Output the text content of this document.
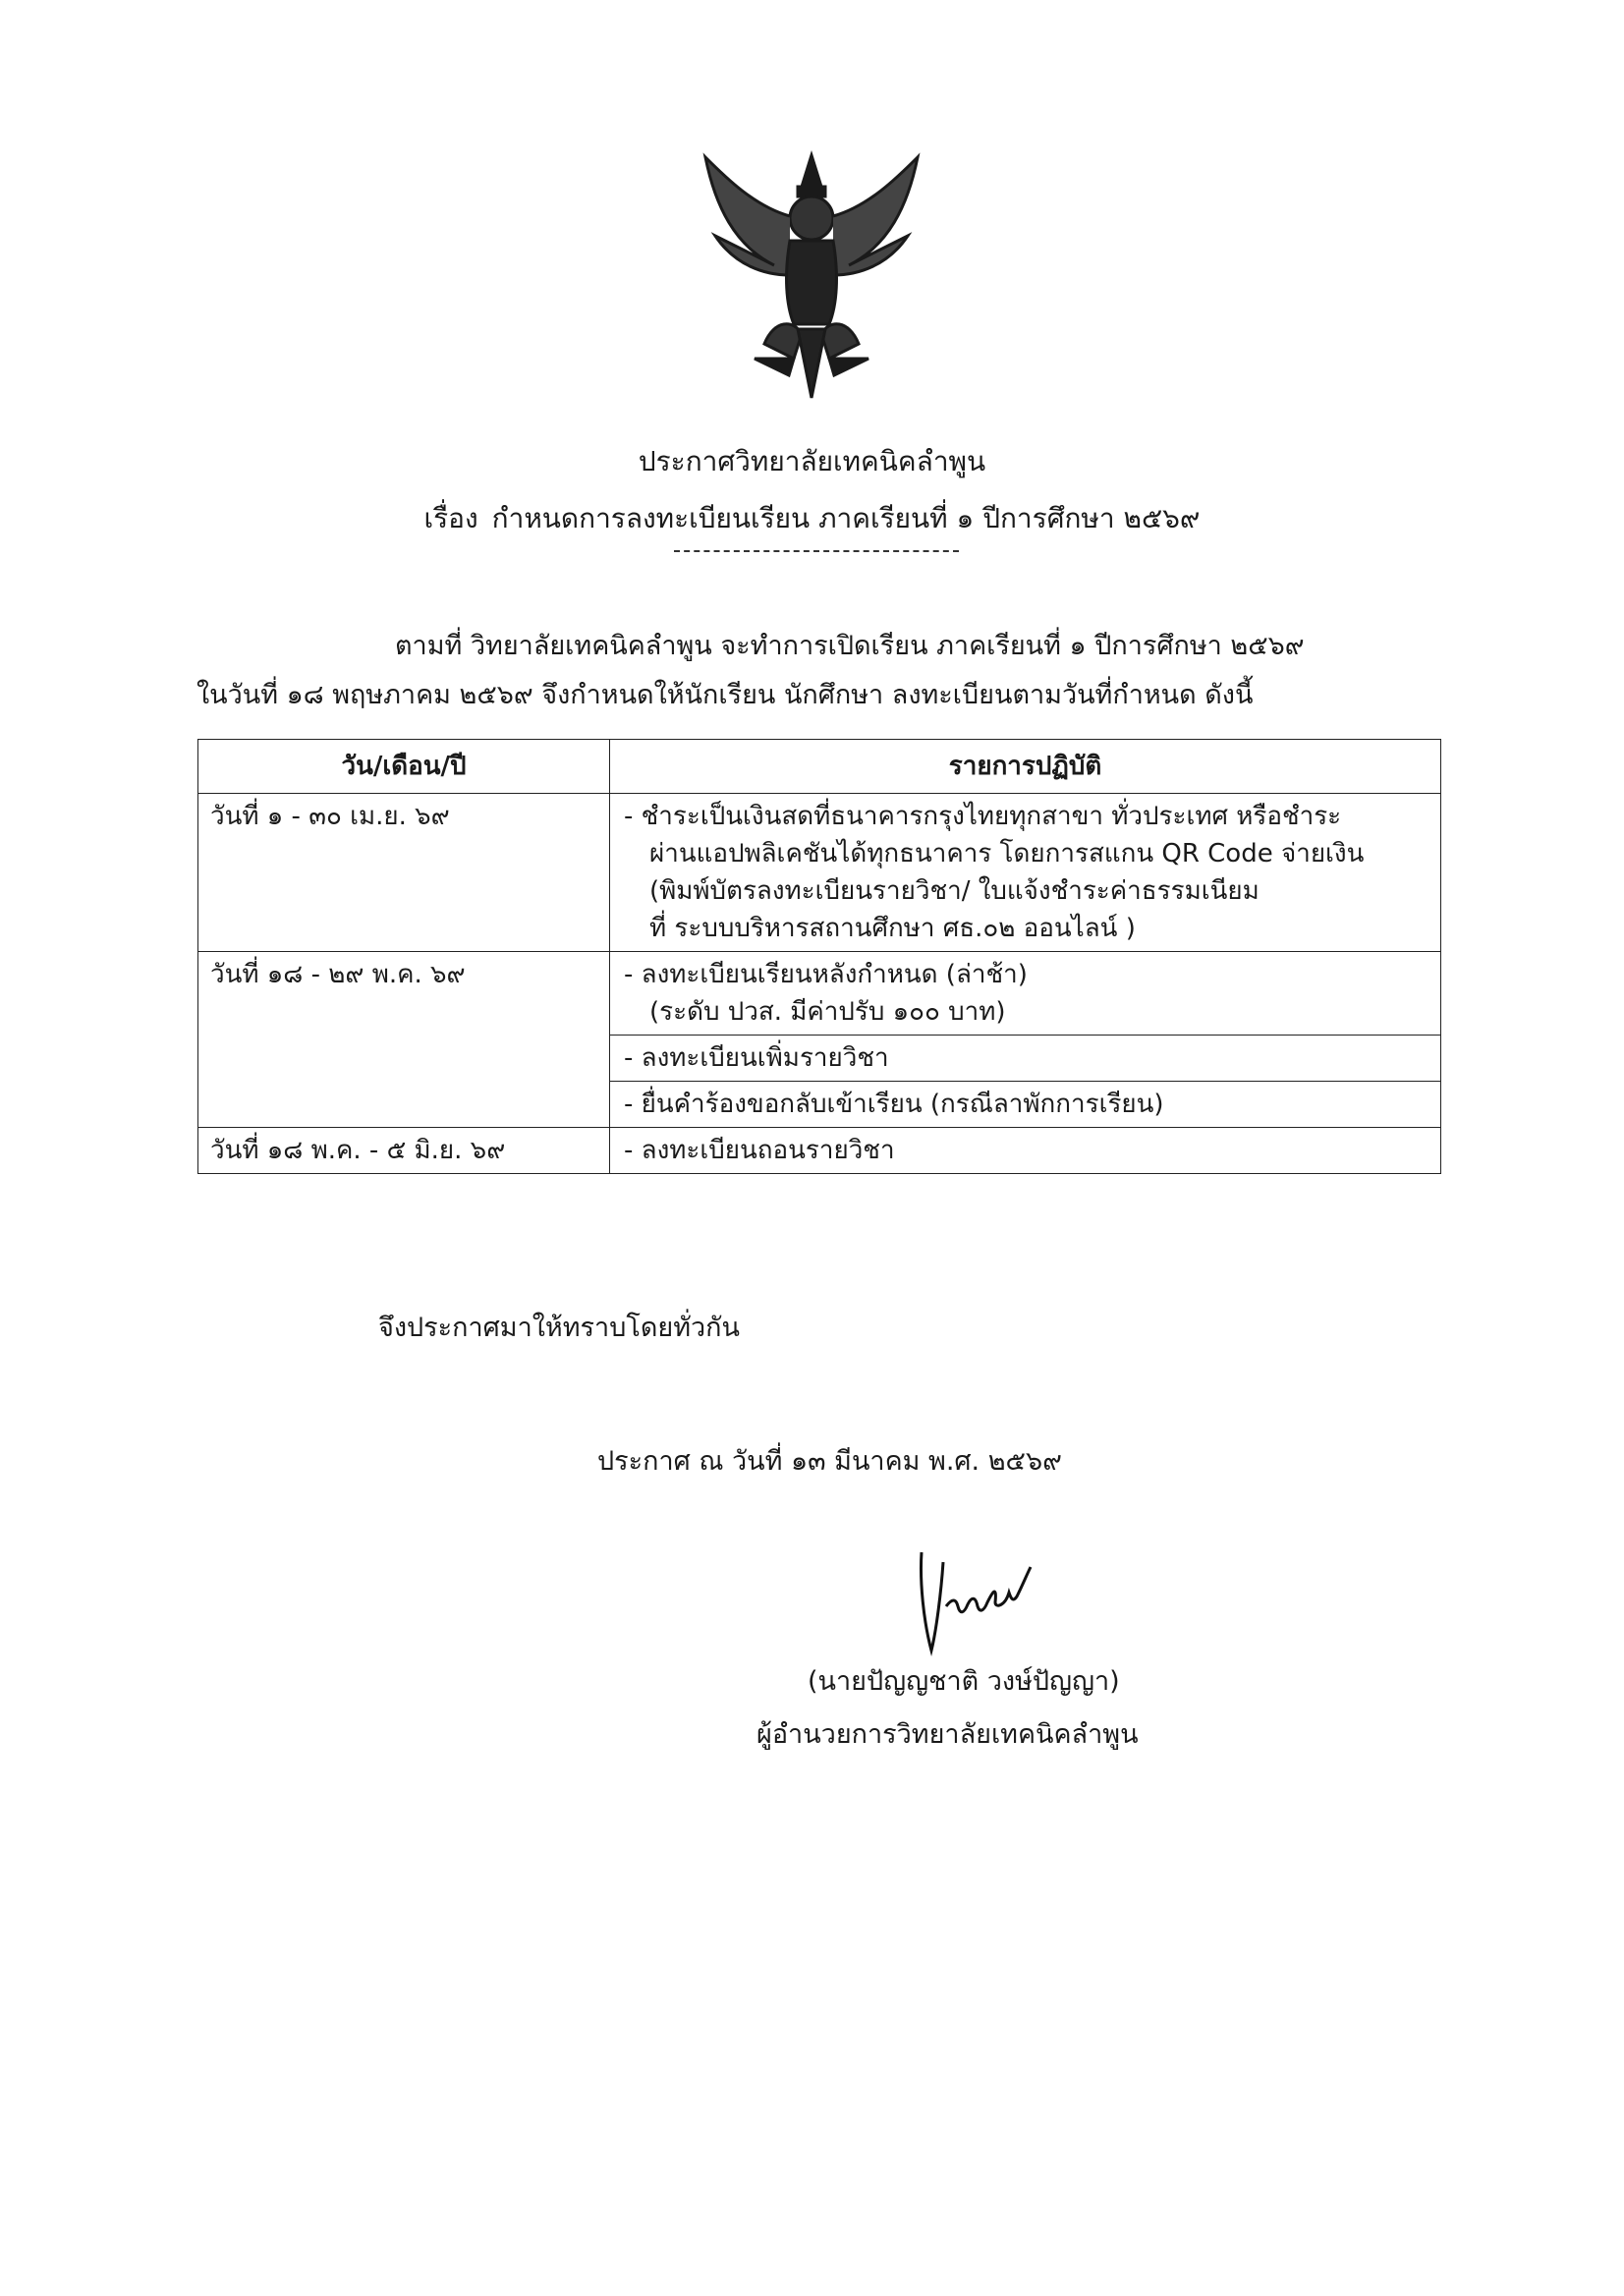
ประกาศวิทยาลัยเทคนิคลำพูน
เรื่อง กำหนดการลงทะเบียนเรียน ภาคเรียนที่ ๑ ปีการศึกษา ๒๕๖๙
ตามที่ วิทยาลัยเทคนิคลำพูน จะทำการเปิดเรียน ภาคเรียนที่ ๑ ปีการศึกษา ๒๕๖๙
ในวันที่ ๑๘ พฤษภาคม ๒๕๖๙ จึงกำหนดให้นักเรียน นักศึกษา ลงทะเบียนตามวันที่กำหนด ดังนี้
วัน/เดือน/ปี	รายการปฏิบัติ
วันที่ ๑ - ๓๐ เม.ย. ๖๙	- ชำระเป็นเงินสดที่ธนาคารกรุงไทยทุกสาขา ทั่วประเทศ หรือชำระ
ผ่านแอปพลิเคชันได้ทุกธนาคาร โดยการสแกน QR Code จ่ายเงิน
(พิมพ์บัตรลงทะเบียนรายวิชา/ ใบแจ้งชำระค่าธรรมเนียม
ที่ ระบบบริหารสถานศึกษา ศธ.๐๒ ออนไลน์ )

วันที่ ๑๘ - ๒๙ พ.ค. ๖๙	- ลงทะเบียนเรียนหลังกำหนด (ล่าช้า)
(ระดับ ปวส. มีค่าปรับ ๑๐๐ บาท)

	- ลงทะเบียนเพิ่มรายวิชา

	- ยื่นคำร้องขอกลับเข้าเรียน (กรณีลาพักการเรียน)

วันที่ ๑๘ พ.ค. - ๕ มิ.ย. ๖๙	- ลงทะเบียนถอนรายวิชา
จึงประกาศมาให้ทราบโดยทั่วกัน
ประกาศ ณ วันที่ ๑๓ มีนาคม พ.ศ. ๒๕๖๙
(นายปัญญชาติ วงษ์ปัญญา)
ผู้อำนวยการวิทยาลัยเทคนิคลำพูน
